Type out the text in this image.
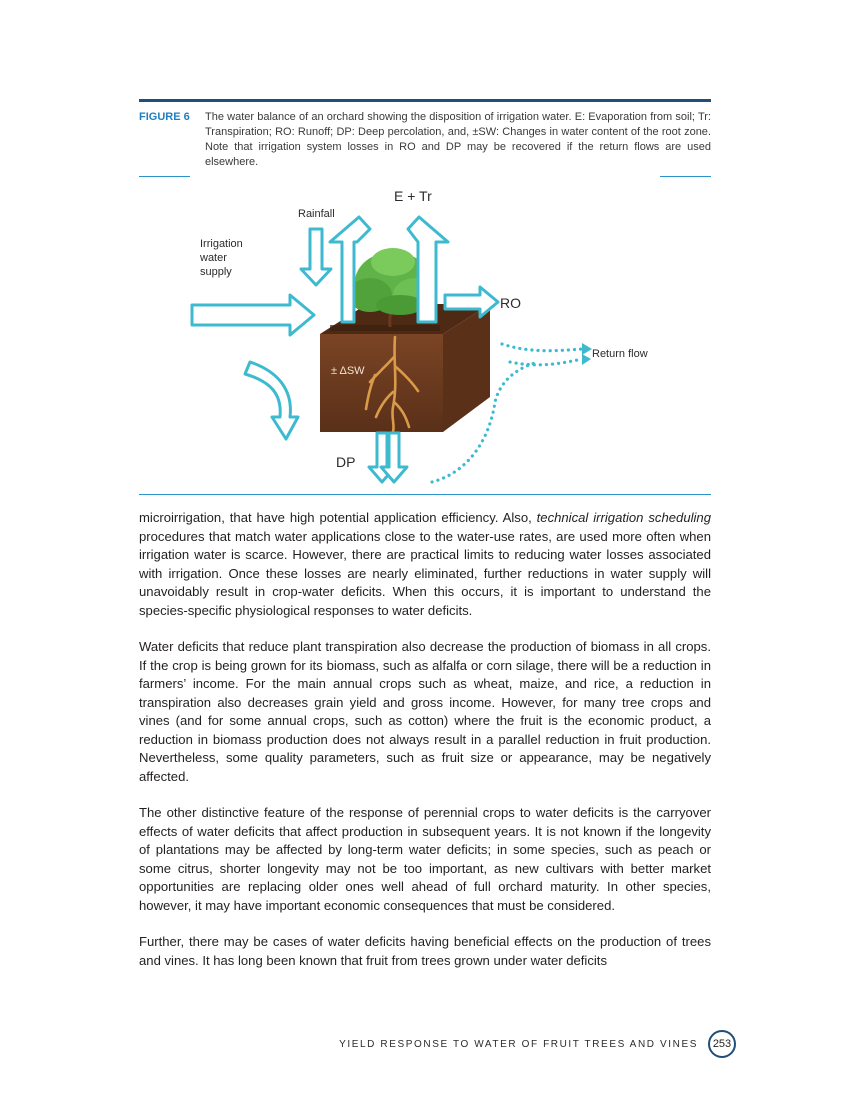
FIGURE 6 The water balance of an orchard showing the disposition of irrigation water. E: Evaporation from soil; Tr: Transpiration; RO: Runoff; DP: Deep percolation, and, ±SW: Changes in water content of the root zone. Note that irrigation system losses in RO and DP may be recovered if the return flows are used elsewhere.
E + Tr
Rainfall
Irrigation
water
supply
RO
Return flow
± ΔSW
DP

microirrigation, that have high potential application efficiency. Also, technical irrigation scheduling procedures that match water applications close to the water-use rates, are used more often when irrigation water is scarce. However, there are practical limits to reducing water losses associated with irrigation. Once these losses are nearly eliminated, further reductions in water supply will unavoidably result in crop-water deficits. When this occurs, it is important to understand the species-specific physiological responses to water deficits.

Water deficits that reduce plant transpiration also decrease the production of biomass in all crops. If the crop is being grown for its biomass, such as alfalfa or corn silage, there will be a reduction in farmers’ income. For the main annual crops such as wheat, maize, and rice, a reduction in transpiration also decreases grain yield and gross income. However, for many tree crops and vines (and for some annual crops, such as cotton) where the fruit is the economic product, a reduction in biomass production does not always result in a parallel reduction in fruit production. Nevertheless, some quality parameters, such as fruit size or appearance, may be negatively affected.

The other distinctive feature of the response of perennial crops to water deficits is the carryover effects of water deficits that affect production in subsequent years. It is not known if the longevity of plantations may be affected by long-term water deficits; in some species, such as peach or some citrus, shorter longevity may not be too important, as new cultivars with better market opportunities are replacing older ones well ahead of full orchard maturity. In other species, however, it may have important economic consequences that must be considered.

Further, there may be cases of water deficits having beneficial effects on the production of trees and vines. It has long been known that fruit from trees grown under water deficits

YIELD RESPONSE TO WATER OF FRUIT TREES AND VINES	253
